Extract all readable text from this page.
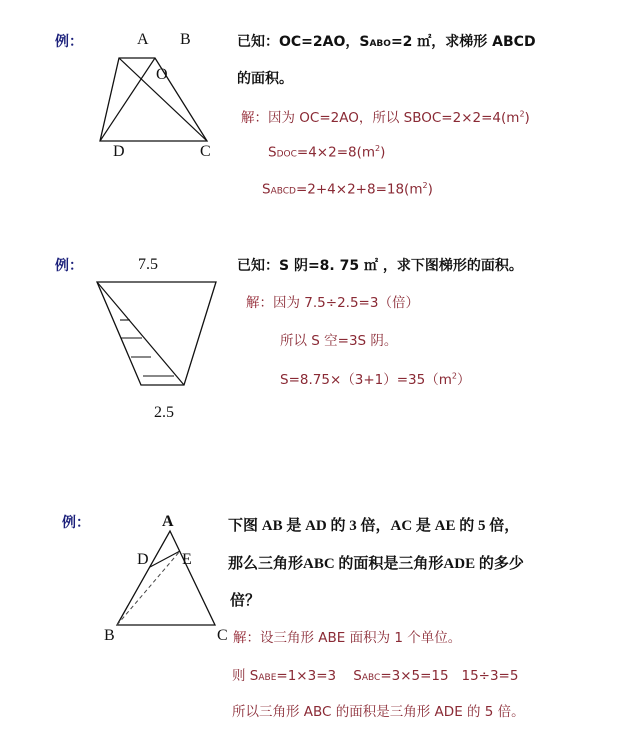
例：	A B
O
D	C
已知：OC=2AO，SABO=2 ㎡，求梯形 ABCD
的面积。
解：因为 OC=2AO，所以 $SBOC=2\times 2=4(m^2)$
$SDOC=4\times 2=8(m^2)$
$SABCD=2+4\times 2+8=18(m^2)$
例：	7.5
2.5
已知：S 阴=8. 75 ㎡ ，求下图梯形的面积。
解：因为 7.5÷2.5=3（倍）
所以 S 空=3S 阴。
$S=8.75\times(3+1)=35(m^2)$
例：	A
D E
B	C
下图 AB 是 AD 的 3 倍，AC 是 AE 的 5 倍，
那么三角形ABC 的面积是三角形ADE 的多少
倍？
解：设三角形 ABE 面积为 1 个单位。
则 SABE=1×3=3    SABC=3×5=15   15÷3=5
所以三角形 ABC 的面积是三角形 ADE 的 5 倍。
